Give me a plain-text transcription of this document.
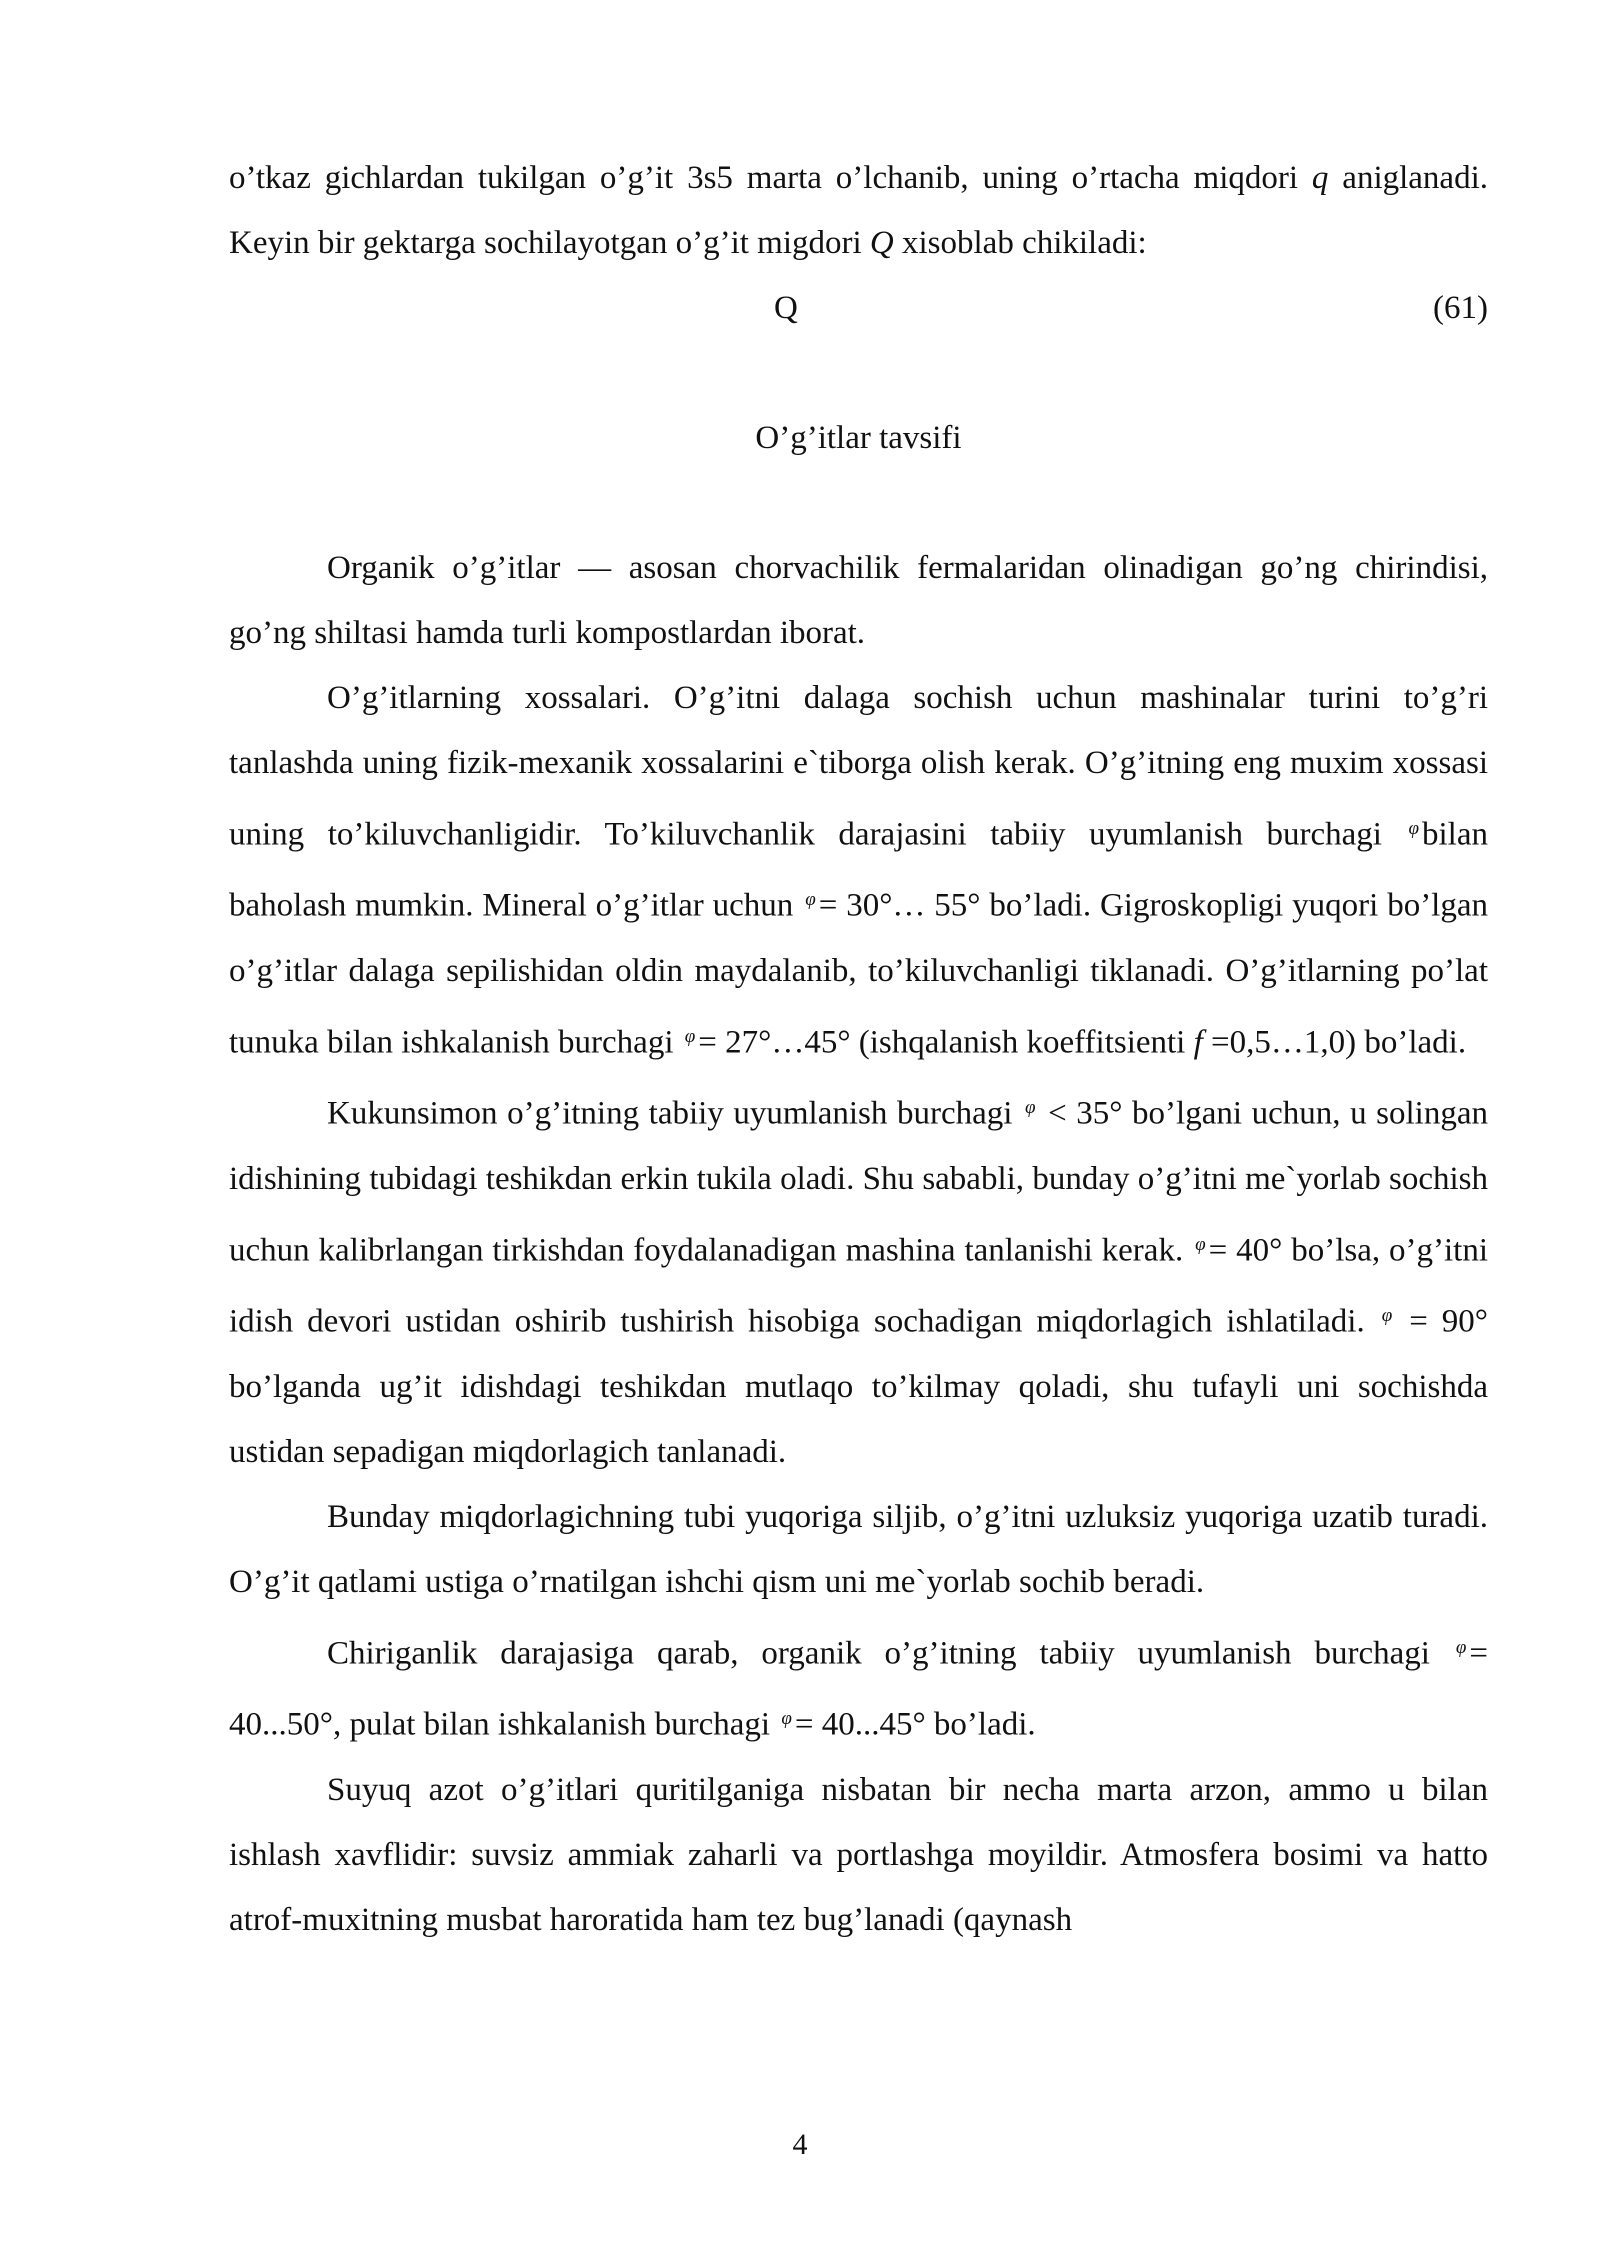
o’tkaz gichlardan tukilgan o’g’it 3s5 marta o’lchanib, uning o’rtacha miqdori q aniglanadi. Keyin bir gektarga sochilayotgan o’g’it migdori Q xisoblab chikiladi:

Q	(61)
O’g’itlar tavsifi

Organik o’g’itlar — asosan chorvachilik fermalaridan olinadigan go’ng chirindisi, go’ng shiltasi hamda turli kompostlardan iborat.

O’g’itlarning xossalari. O’g’itni dalaga sochish uchun mashinalar turini to’g’ri tanlashda uning fizik-mexanik xossalarini e`tiborga olish kerak. O’g’itning eng muxim xossasi uning to’kiluvchanligidir. To’kiluvchanlik darajasini tabiiy uyumlanish burchagi $^\varphi$bilan baholash mumkin. Mineral o’g’itlar uchun $^\varphi$= 30°… 55° bo’ladi. Gigroskopligi yuqori bo’lgan o’g’itlar dalaga sepilishidan oldin maydalanib, to’kiluvchanligi tiklanadi. O’g’itlarning po’lat tunuka bilan ishkalanish burchagi $^\varphi$= 27°…45° (ishqalanish koeffitsienti f =0,5…1,0) bo’ladi.

Kukunsimon o’g’itning tabiiy uyumlanish burchagi $^\varphi$ < 35° bo’lgani uchun, u solingan idishining tubidagi teshikdan erkin tukila oladi. Shu sababli, bunday o’g’itni me`yorlab sochish uchun kalibrlangan tirkishdan foydalanadigan mashina tanlanishi kerak. $^\varphi$= 40° bo’lsa, o’g’itni idish devori ustidan oshirib tushirish hisobiga sochadigan miqdorlagich ishlatiladi. $^\varphi$ = 90° bo’lganda ug’it idishdagi teshikdan mutlaqo to’kilmay qoladi, shu tufayli uni sochishda ustidan sepadigan miqdorlagich tanlanadi.

Bunday miqdorlagichning tubi yuqoriga siljib, o’g’itni uzluksiz yuqoriga uzatib turadi. O’g’it qatlami ustiga o’rnatilgan ishchi qism uni me`yorlab sochib beradi.

Chiriganlik darajasiga qarab, organik o’g’itning tabiiy uyumlanish burchagi $^\varphi$= 40...50°, pulat bilan ishkalanish burchagi $^\varphi$= 40...45° bo’ladi.

Suyuq azot o’g’itlari quritilganiga nisbatan bir necha marta arzon, ammo u bilan ishlash xavflidir: suvsiz ammiak zaharli va portlashga moyildir. Atmosfera bosimi va hatto atrof-muxitning musbat haroratida ham tez bug’lanadi (qaynash

4
